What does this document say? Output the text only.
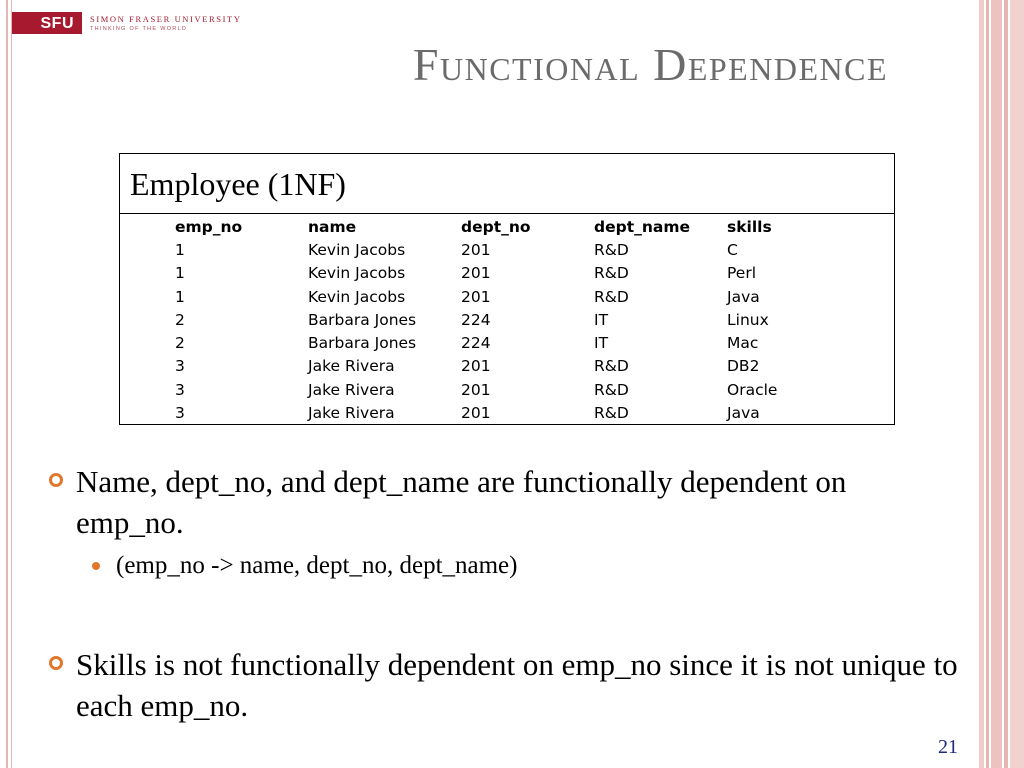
SFU SIMON FRASER UNIVERSITY
THINKING OF THE WORLD
Functional Dependence
Employee (1NF)
emp_no	name	dept_no	dept_name	skills
1	Kevin Jacobs	201	R&D	C
1	Kevin Jacobs	201	R&D	Perl
1	Kevin Jacobs	201	R&D	Java
2	Barbara Jones	224	IT	Linux
2	Barbara Jones	224	IT	Mac
3	Jake Rivera	201	R&D	DB2
3	Jake Rivera	201	R&D	Oracle
3	Jake Rivera	201	R&D	Java
Name, dept_no, and dept_name are functionally dependent on emp_no.
(emp_no -> name, dept_no, dept_name)
Skills is not functionally dependent on emp_no since it is not unique to each emp_no.
21
